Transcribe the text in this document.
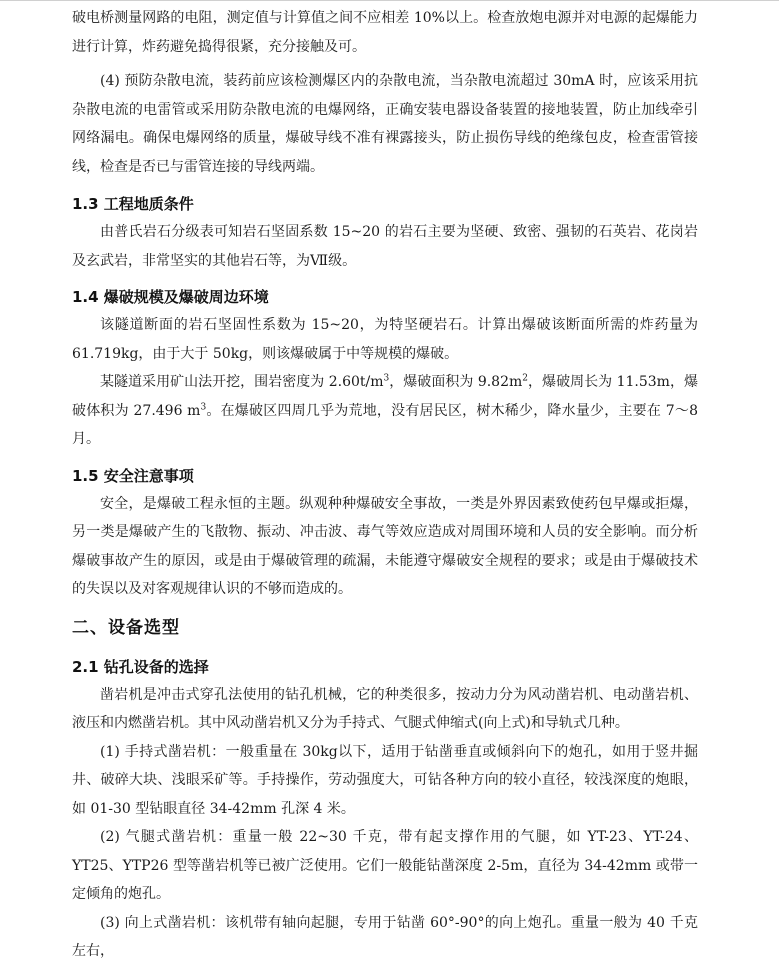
破电桥测量网路的电阻，测定值与计算值之间不应相差 10%以上。检查放炮电源并对电源的起爆能力进行计算，炸药避免捣得很紧，充分接触及可。

(4) 预防杂散电流，装药前应该检测爆区内的杂散电流，当杂散电流超过 30mA 时，应该采用抗杂散电流的电雷管或采用防杂散电流的电爆网络，正确安装电器设备装置的接地装置，防止加线牵引网络漏电。确保电爆网络的质量，爆破导线不准有裸露接头，防止损伤导线的绝缘包皮，检查雷管接线，检查是否已与雷管连接的导线两端。

1.3 工程地质条件

由普氏岩石分级表可知岩石坚固系数 15~20 的岩石主要为坚硬、致密、强韧的石英岩、花岗岩及玄武岩，非常坚实的其他岩石等，为Ⅶ级。

1.4 爆破规模及爆破周边环境

该隧道断面的岩石坚固性系数为 15~20，为特坚硬岩石。计算出爆破该断面所需的炸药量为 61.719kg，由于大于 50kg，则该爆破属于中等规模的爆破。

某隧道采用矿山法开挖，围岩密度为 $2.60t/m^3$，爆破面积为 $9.82m^2$，爆破周长为 11.53m，爆破体积为 27.496 $m^3$。在爆破区四周几乎为荒地，没有居民区，树木稀少，降水量少，主要在 7～8 月。

1.5 安全注意事项

安全，是爆破工程永恒的主题。纵观种种爆破安全事故，一类是外界因素致使药包早爆或拒爆，另一类是爆破产生的飞散物、振动、冲击波、毒气等效应造成对周围环境和人员的安全影响。而分析爆破事故产生的原因，或是由于爆破管理的疏漏，未能遵守爆破安全规程的要求；或是由于爆破技术的失误以及对客观规律认识的不够而造成的。

二、设备选型
2.1 钻孔设备的选择

凿岩机是冲击式穿孔法使用的钻孔机械，它的种类很多，按动力分为风动凿岩机、电动凿岩机、液压和内燃凿岩机。其中风动凿岩机又分为手持式、气腿式伸缩式(向上式)和导轨式几种。

(1) 手持式凿岩机：一般重量在 30kg以下，适用于钻凿垂直或倾斜向下的炮孔，如用于竖井掘井、破碎大块、浅眼采矿等。手持操作，劳动强度大，可钻各种方向的较小直径，较浅深度的炮眼，如 01-30 型钻眼直径 34-42mm 孔深 4 米。

(2) 气腿式凿岩机：重量一般 22~30 千克，带有起支撑作用的气腿，如 YT-23、YT-24、YT25、YTP26 型等凿岩机等已被广泛使用。它们一般能钻凿深度 2-5m，直径为 34-42mm 或带一定倾角的炮孔。

(3) 向上式凿岩机：该机带有轴向起腿，专用于钻凿 60°-90°的向上炮孔。重量一般为 40 千克左右，
